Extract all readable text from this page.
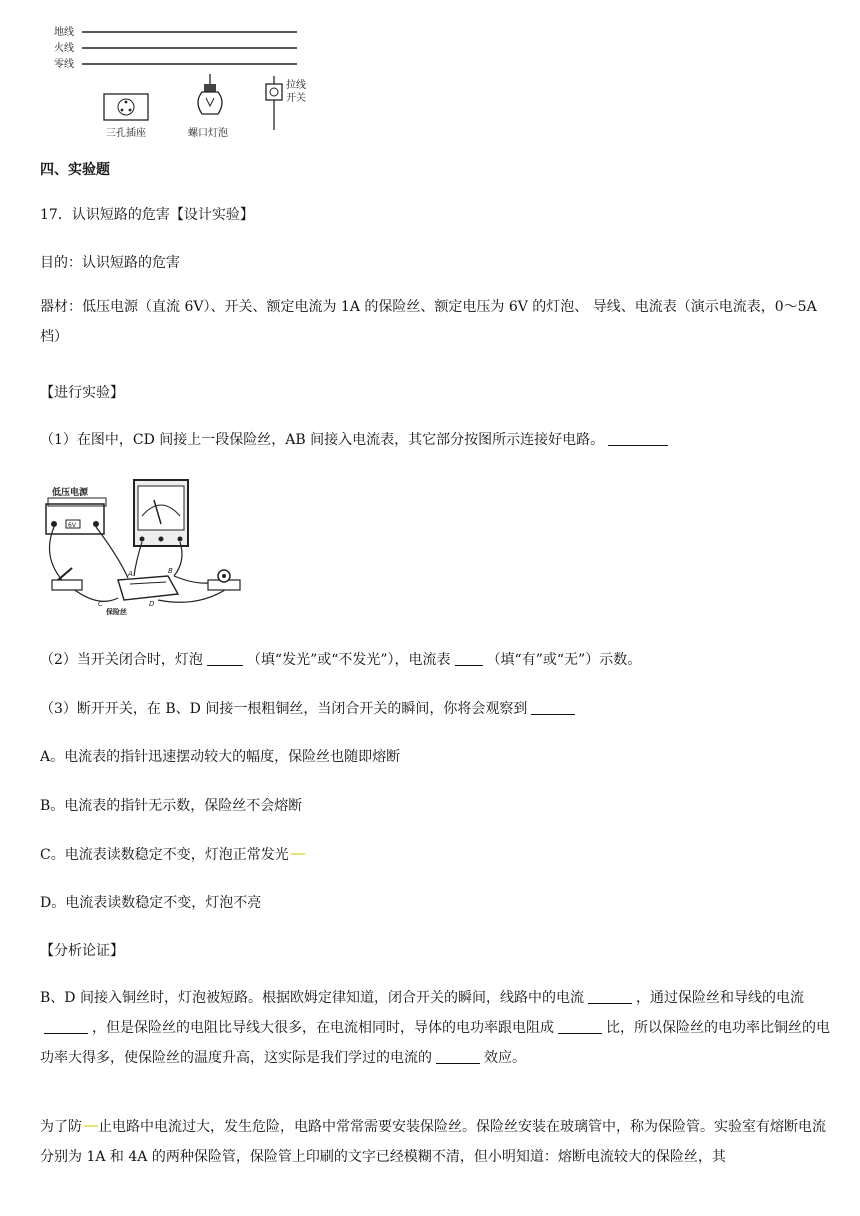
地线
火线
零线
三孔插座	螺口灯泡
拉线
开关
四、实验题
17．认识短路的危害【设计实验】
目的：认识短路的危害
器材：低压电源（直流 6V）、开关、额定电流为 1A 的保险丝、额定电压为 6V 的灯泡、 导线、电流表（演示电流表，0～5A 档）
【进行实验】
（1）在图中，CD 间接上一段保险丝，AB 间接入电流表，其它部分按图所示连接好电路。
低压电源
6V
A	B
C	D
保险丝
（2）当开关闭合时，灯泡	（填“发光”或“不发光”），电流表	（填“有”或“无”）示数。
（3）断开开关，在 B、D 间接一根粗铜丝，当闭合开关的瞬间，你将会观察到
A。电流表的指针迅速摆动较大的幅度，保险丝也随即熔断
B。电流表的指针无示数，保险丝不会熔断
C。电流表读数稳定不变，灯泡正常发光
D。电流表读数稳定不变，灯泡不亮
【分析论证】
B、D 间接入铜丝时，灯泡被短路。根据欧姆定律知道，闭合开关的瞬间，线路中的电流	，通过保险丝和导线的电流，但是保险丝的电阻比导线大很多，在电流相同时，导体的电功率跟电阻成	比，所以保险丝的电功率比铜丝的电功率大得多，使保险丝的温度升高，这实际是我们学过的电流的	效应。
为了防 止电路中电流过大，发生危险，电路中常常需要安装保险丝。保险丝安装在玻璃管中，称为保险管。实验室有熔断电流分别为 1A 和 4A 的两种保险管，保险管上印刷的文字已经模糊不清，但小明知道：熔断电流较大的保险丝，其
